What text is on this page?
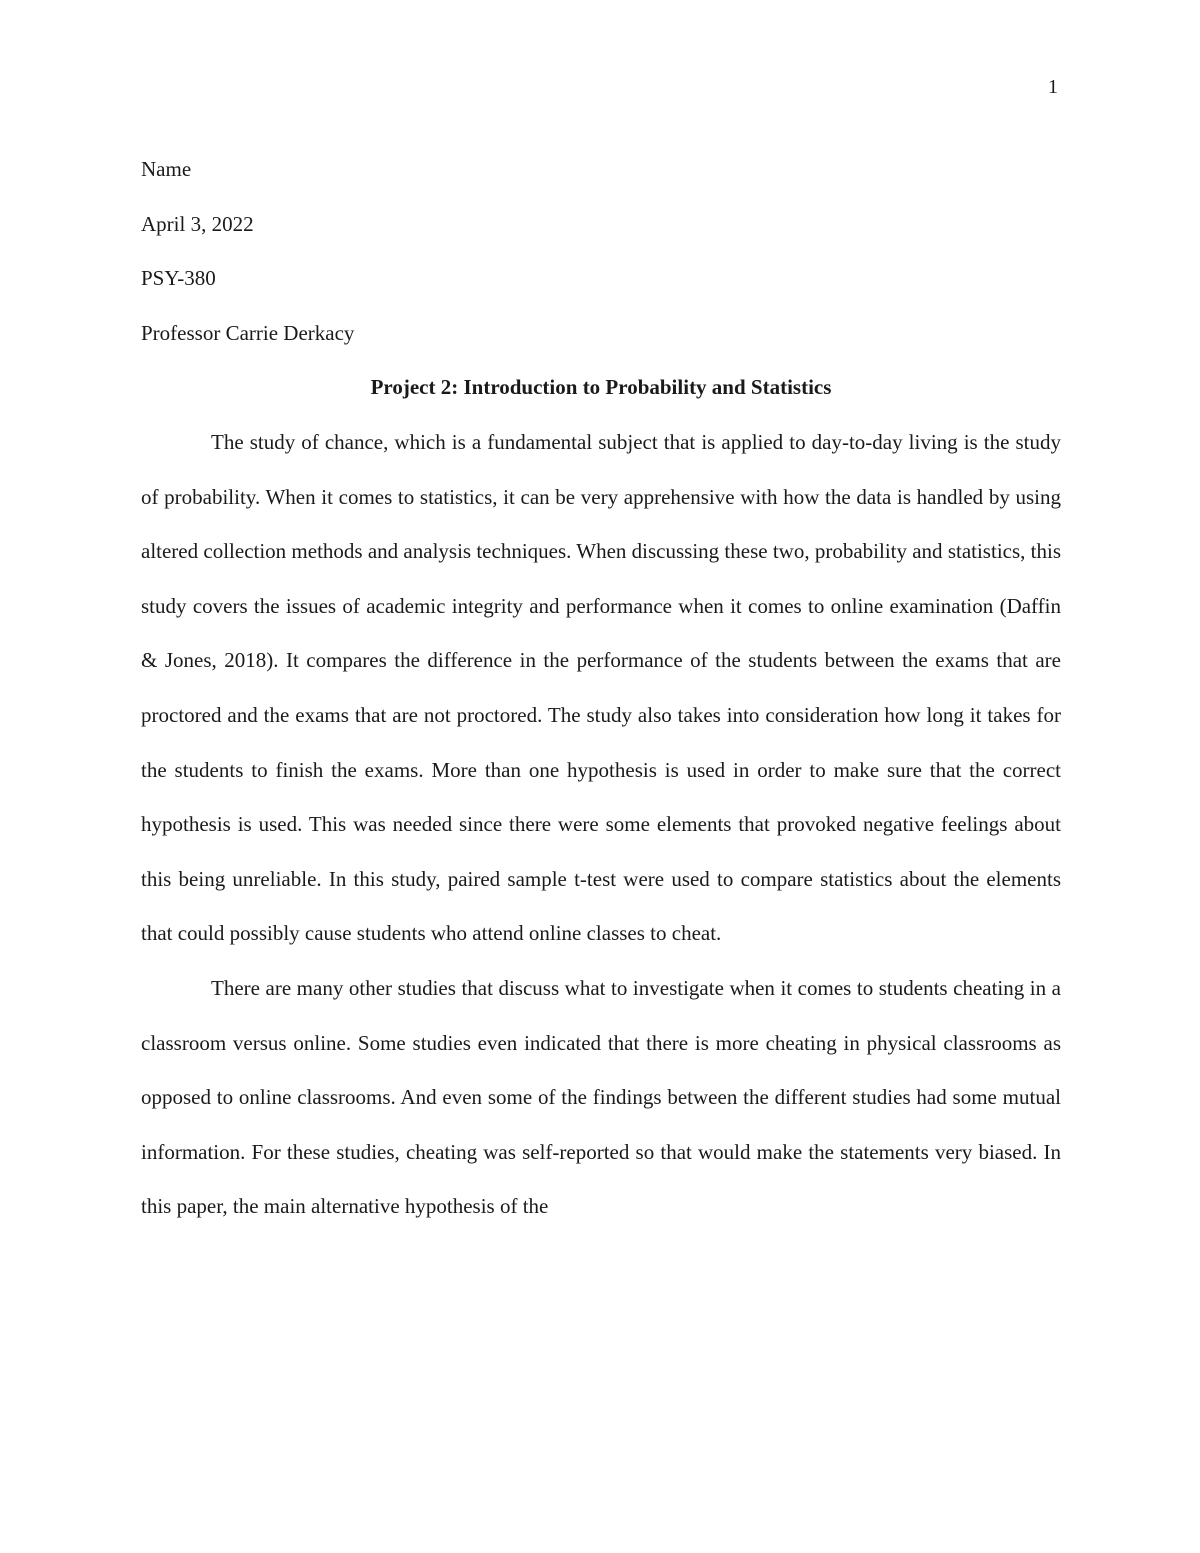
1

Name

April 3, 2022

PSY-380

Professor Carrie Derkacy

Project 2: Introduction to Probability and Statistics

The study of chance, which is a fundamental subject that is applied to day-to-day living is the study of probability. When it comes to statistics, it can be very apprehensive with how the data is handled by using altered collection methods and analysis techniques. When discussing these two, probability and statistics, this study covers the issues of academic integrity and performance when it comes to online examination (Daffin & Jones, 2018). It compares the difference in the performance of the students between the exams that are proctored and the exams that are not proctored. The study also takes into consideration how long it takes for the students to finish the exams. More than one hypothesis is used in order to make sure that the correct hypothesis is used. This was needed since there were some elements that provoked negative feelings about this being unreliable. In this study, paired sample t-test were used to compare statistics about the elements that could possibly cause students who attend online classes to cheat.

There are many other studies that discuss what to investigate when it comes to students cheating in a classroom versus online. Some studies even indicated that there is more cheating in physical classrooms as opposed to online classrooms. And even some of the findings between the different studies had some mutual information. For these studies, cheating was self-reported so that would make the statements very biased. In this paper, the main alternative hypothesis of the
